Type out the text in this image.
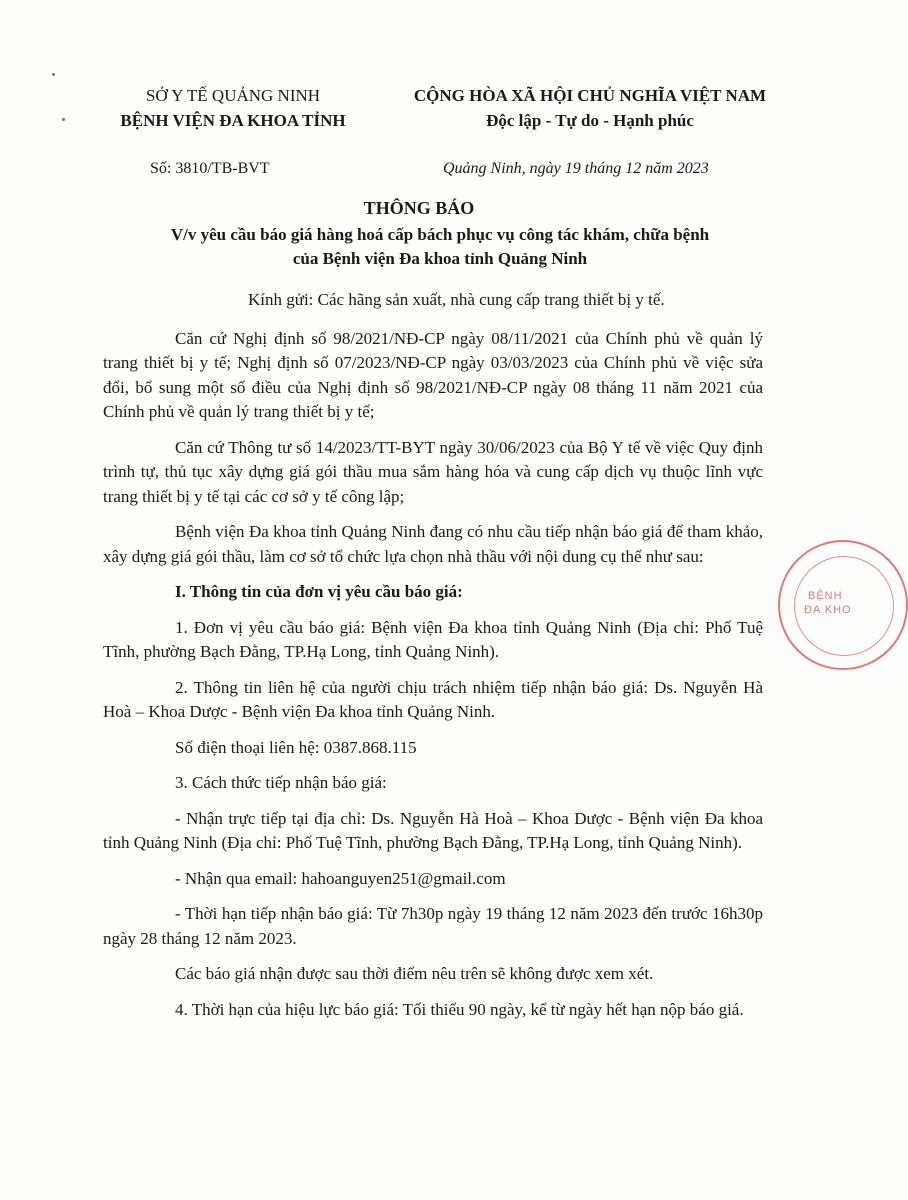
SỞ Y TẾ QUẢNG NINH
BỆNH VIỆN ĐA KHOA TỈNH
CỘNG HÒA XÃ HỘI CHỦ NGHĨA VIỆT NAM
Độc lập - Tự do - Hạnh phúc
Số: 3810/TB-BVT	Quảng Ninh, ngày 19 tháng 12 năm 2023
THÔNG BÁO
V/v yêu cầu báo giá hàng hoá cấp bách phục vụ công tác khám, chữa bệnh
của Bệnh viện Đa khoa tỉnh Quảng Ninh

Kính gửi: Các hãng sản xuất, nhà cung cấp trang thiết bị y tế.

Căn cứ Nghị định số 98/2021/NĐ-CP ngày 08/11/2021 của Chính phủ về quản lý trang thiết bị y tế; Nghị định số 07/2023/NĐ-CP ngày 03/03/2023 của Chính phủ về việc sửa đổi, bổ sung một số điều của Nghị định số 98/2021/NĐ-CP ngày 08 tháng 11 năm 2021 của Chính phủ về quản lý trang thiết bị y tế;

Căn cứ Thông tư số 14/2023/TT-BYT ngày 30/06/2023 của Bộ Y tế về việc Quy định trình tự, thủ tục xây dựng giá gói thầu mua sắm hàng hóa và cung cấp dịch vụ thuộc lĩnh vực trang thiết bị y tế tại các cơ sở y tế công lập;

Bệnh viện Đa khoa tỉnh Quảng Ninh đang có nhu cầu tiếp nhận báo giá để tham khảo, xây dựng giá gói thầu, làm cơ sở tổ chức lựa chọn nhà thầu với nội dung cụ thể như sau:

I. Thông tin của đơn vị yêu cầu báo giá:

1. Đơn vị yêu cầu báo giá: Bệnh viện Đa khoa tỉnh Quảng Ninh (Địa chỉ: Phố Tuệ Tĩnh, phường Bạch Đằng, TP.Hạ Long, tỉnh Quảng Ninh).

2. Thông tin liên hệ của người chịu trách nhiệm tiếp nhận báo giá: Ds. Nguyễn Hà Hoà – Khoa Dược - Bệnh viện Đa khoa tỉnh Quảng Ninh.

Số điện thoại liên hệ: 0387.868.115

3. Cách thức tiếp nhận báo giá:

- Nhận trực tiếp tại địa chỉ: Ds. Nguyễn Hà Hoà – Khoa Dược - Bệnh viện Đa khoa tỉnh Quảng Ninh (Địa chỉ: Phố Tuệ Tĩnh, phường Bạch Đằng, TP.Hạ Long, tỉnh Quảng Ninh).

- Nhận qua email: hahoanguyen251@gmail.com

- Thời hạn tiếp nhận báo giá: Từ 7h30p ngày 19 tháng 12 năm 2023 đến trước 16h30p ngày 28 tháng 12 năm 2023.

Các báo giá nhận được sau thời điểm nêu trên sẽ không được xem xét.

4. Thời hạn của hiệu lực báo giá: Tối thiểu 90 ngày, kể từ ngày hết hạn nộp báo giá.

BỆNH
ĐA KHO
